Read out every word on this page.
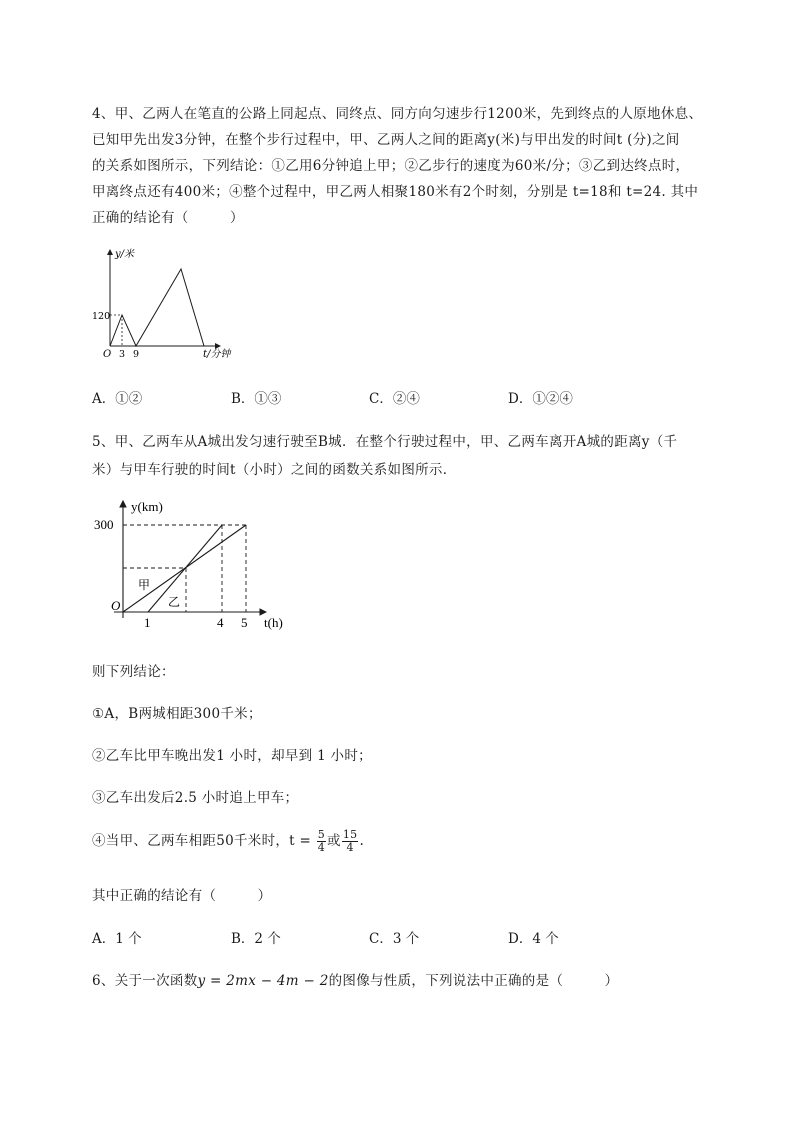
4、甲、乙两人在笔直的公路上同起点、同终点、同方向匀速步行1200米，先到终点的人原地休息、
已知甲先出发3分钟，在整个步行过程中，甲、乙两人之间的距离y(米)与甲出发的时间t (分)之间
的关系如图所示，下列结论：①乙用6分钟追上甲；②乙步行的速度为60米/分；③乙到达终点时，
甲离终点还有400米；④整个过程中，甲乙两人相聚180米有2个时刻，分别是 t=18和 t=24. 其中
正确的结论有（　　　）
y/米
120
O 3 9	t/分钟
A．①②	B．①③	C．②④	D．①②④
5、甲、乙两车从A城出发匀速行驶至B城．在整个行驶过程中，甲、乙两车离开A城的距离y（千
米）与甲车行驶的时间t（小时）之间的函数关系如图所示．
y(km)
300
O
甲
乙
1	4 5 t(h)
则下列结论：
①A，B两城相距300千米；
②乙车比甲车晚出发1 小时，却早到 1 小时；
③乙车出发后2.5 小时追上甲车；
④当甲、乙两车相距50千米时，$t = \frac{5}{4}$ 或 $\frac{15}{4}$ .
其中正确的结论有（　　　）
A．1 个	B．2 个	C．3 个	D．4 个
6、关于一次函数y = 2mx − 4m − 2的图像与性质，下列说法中正确的是（　　　）
